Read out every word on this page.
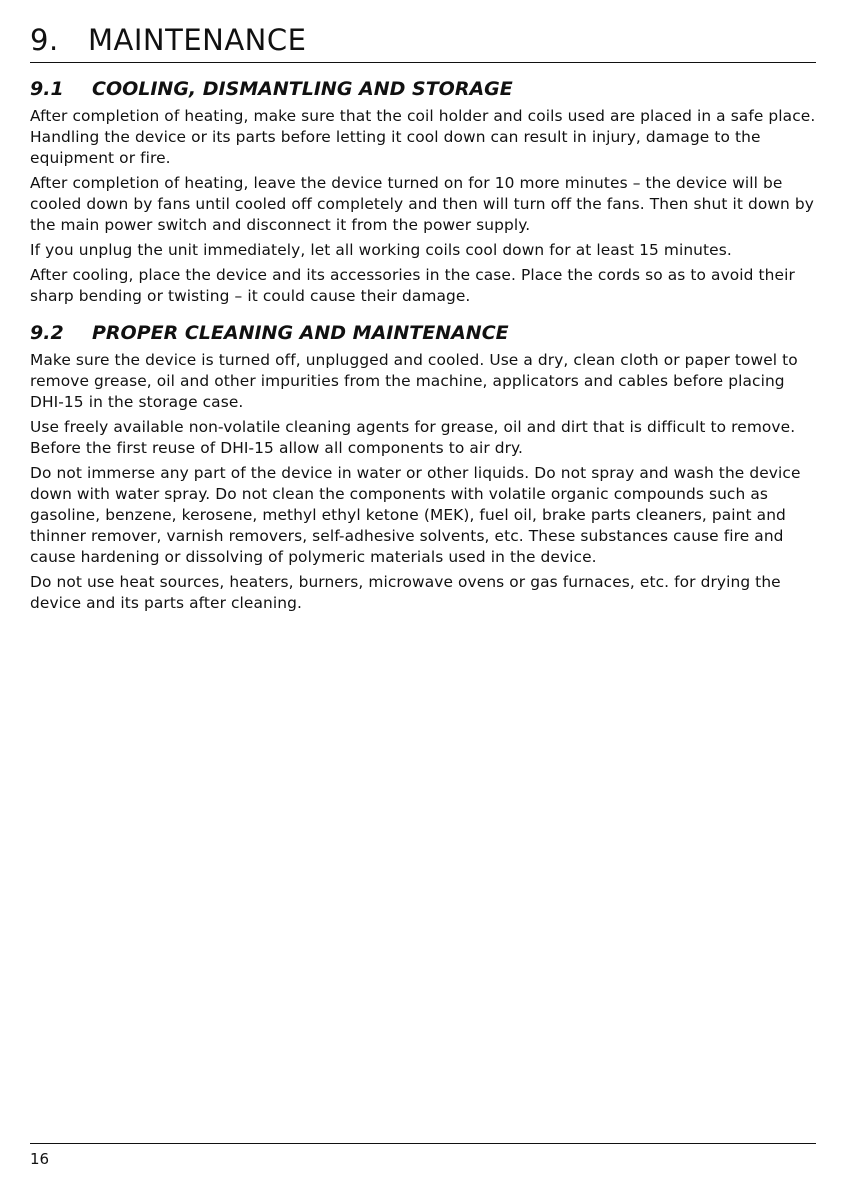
9. MAINTENANCE
9.1 COOLING, DISMANTLING AND STORAGE

After completion of heating, make sure that the coil holder and coils used are placed in a safe place. Handling the device or its parts before letting it cool down can result in injury, damage to the equipment or fire.

After completion of heating, leave the device turned on for 10 more minutes – the device will be cooled down by fans until cooled off completely and then will turn off the fans. Then shut it down by the main power switch and disconnect it from the power supply.

If you unplug the unit immediately, let all working coils cool down for at least 15 minutes.

After cooling, place the device and its accessories in the case. Place the cords so as to avoid their sharp bending or twisting – it could cause their damage.

9.2 PROPER CLEANING AND MAINTENANCE

Make sure the device is turned off, unplugged and cooled. Use a dry, clean cloth or paper towel to remove grease, oil and other impurities from the machine, applicators and cables before placing DHI-15 in the storage case.

Use freely available non-volatile cleaning agents for grease, oil and dirt that is difficult to remove. Before the first reuse of DHI-15 allow all components to air dry.

Do not immerse any part of the device in water or other liquids. Do not spray and wash the device down with water spray. Do not clean the components with volatile organic compounds such as gasoline, benzene, kerosene, methyl ethyl ketone (MEK), fuel oil, brake parts cleaners, paint and thinner remover, varnish removers, self-adhesive solvents, etc. These substances cause fire and cause hardening or dissolving of polymeric materials used in the device.

Do not use heat sources, heaters, burners, microwave ovens or gas furnaces, etc. for drying the device and its parts after cleaning.

16
